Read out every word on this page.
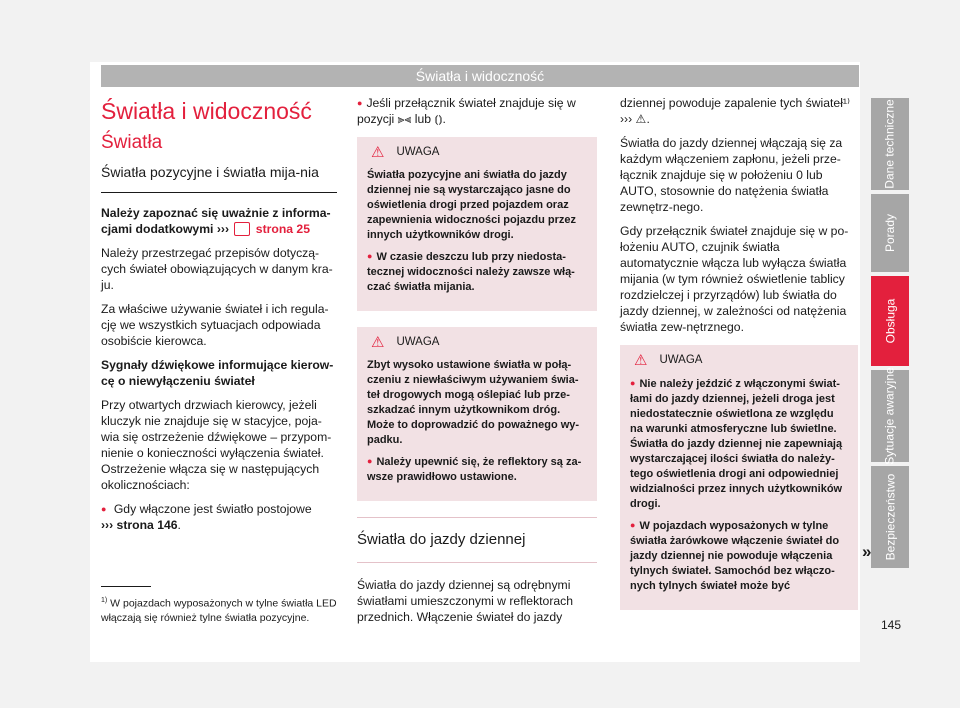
Światła i widoczność
Światła i widoczność
Światła
Światła pozycyjne i światła mija-nia

Należy zapoznać się uważnie z informa-cjami dodatkowymi ››› strona 25

Należy przestrzegać przepisów dotyczą-cych świateł obowiązujących w danym kra-ju.

Za właściwe używanie świateł i ich regula-cję we wszystkich sytuacjach odpowiada osobiście kierowca.

Sygnały dźwiękowe informujące kierow-cę o niewyłączeniu świateł

Przy otwartych drzwiach kierowcy, jeżeli kluczyk nie znajduje się w stacyjce, poja-wia się ostrzeżenie dźwiękowe – przypom-nienie o konieczności wyłączenia świateł. Ostrzeżenie włącza się w następujących okolicznościach:

● Gdy włączone jest światło postojowe
››› strona 146.

● Jeśli przełącznik świateł znajduje się w pozycji ⫸⫷ lub ⦅⦆.

⚠ UWAGA

Światła pozycyjne ani światła do jazdy dziennej nie są wystarczająco jasne do oświetlenia drogi przed pojazdem oraz zapewnienia widoczności pojazdu przez innych użytkowników drogi.

● W czasie deszczu lub przy niedosta-tecznej widoczności należy zawsze włą-czać światła mijania.

⚠ UWAGA

Zbyt wysoko ustawione światła w połą-czeniu z niewłaściwym używaniem świa-teł drogowych mogą oślepiać lub prze-szkadzać innym użytkownikom dróg. Może to doprowadzić do poważnego wy-padku.

● Należy upewnić się, że reflektory są za-wsze prawidłowo ustawione.

Światła do jazdy dziennej

Światła do jazdy dziennej są odrębnymi światłami umieszczonymi w reflektorach przednich. Włączenie świateł do jazdy

dziennej powoduje zapalenie tych świateł¹⁾ ››› ⚠.

Światła do jazdy dziennej włączają się za każdym włączeniem zapłonu, jeżeli prze-łącznik znajduje się w położeniu 0 lub AUTO, stosownie do natężenia światła zewnętrz-nego.

Gdy przełącznik świateł znajduje się w po-łożeniu AUTO, czujnik światła automatycznie włącza lub wyłącza światła mijania (w tym również oświetlenie tablicy rozdzielczej i przyrządów) lub światła do jazdy dziennej, w zależności od natężenia światła zew-nętrznego.

⚠ UWAGA

● Nie należy jeździć z włączonymi świat-łami do jazdy dziennej, jeżeli droga jest niedostatecznie oświetlona ze względu na warunki atmosferyczne lub świetlne. Światła do jazdy dziennej nie zapewniają wystarczającej ilości światła do należy-tego oświetlenia drogi ani odpowiedniej widzialności przez innych użytkowników drogi.

● W pojazdach wyposażonych w tylne światła żarówkowe włączenie świateł do jazdy dziennej nie powoduje włączenia tylnych świateł. Samochód bez włączo-nych tylnych świateł może być

»
$^{1)}$ W pojazdach wyposażonych w tylne światła LED włączają się również tylne światła pozycyjne.
Dane techniczne
Porady
Obsługa
Sytuacje awaryjne
Bezpieczeństwo
145
